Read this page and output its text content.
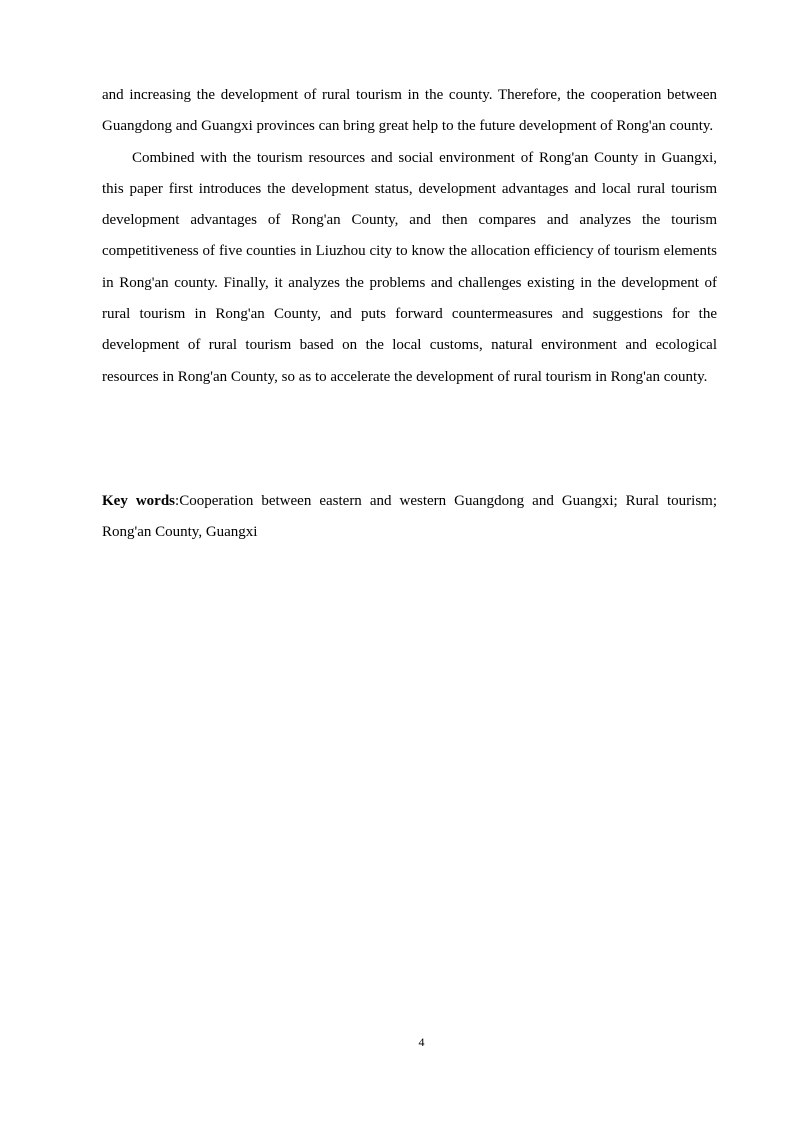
and increasing the development of rural tourism in the county. Therefore, the cooperation between Guangdong and Guangxi provinces can bring great help to the future development of Rong'an county.

Combined with the tourism resources and social environment of Rong'an County in Guangxi, this paper first introduces the development status, development advantages and local rural tourism development advantages of Rong'an County, and then compares and analyzes the tourism competitiveness of five counties in Liuzhou city to know the allocation efficiency of tourism elements in Rong'an county. Finally, it analyzes the problems and challenges existing in the development of rural tourism in Rong'an County, and puts forward countermeasures and suggestions for the development of rural tourism based on the local customs, natural environment and ecological resources in Rong'an County, so as to accelerate the development of rural tourism in Rong'an county.

Key words:Cooperation between eastern and western Guangdong and Guangxi; Rural tourism; Rong'an County, Guangxi

4
